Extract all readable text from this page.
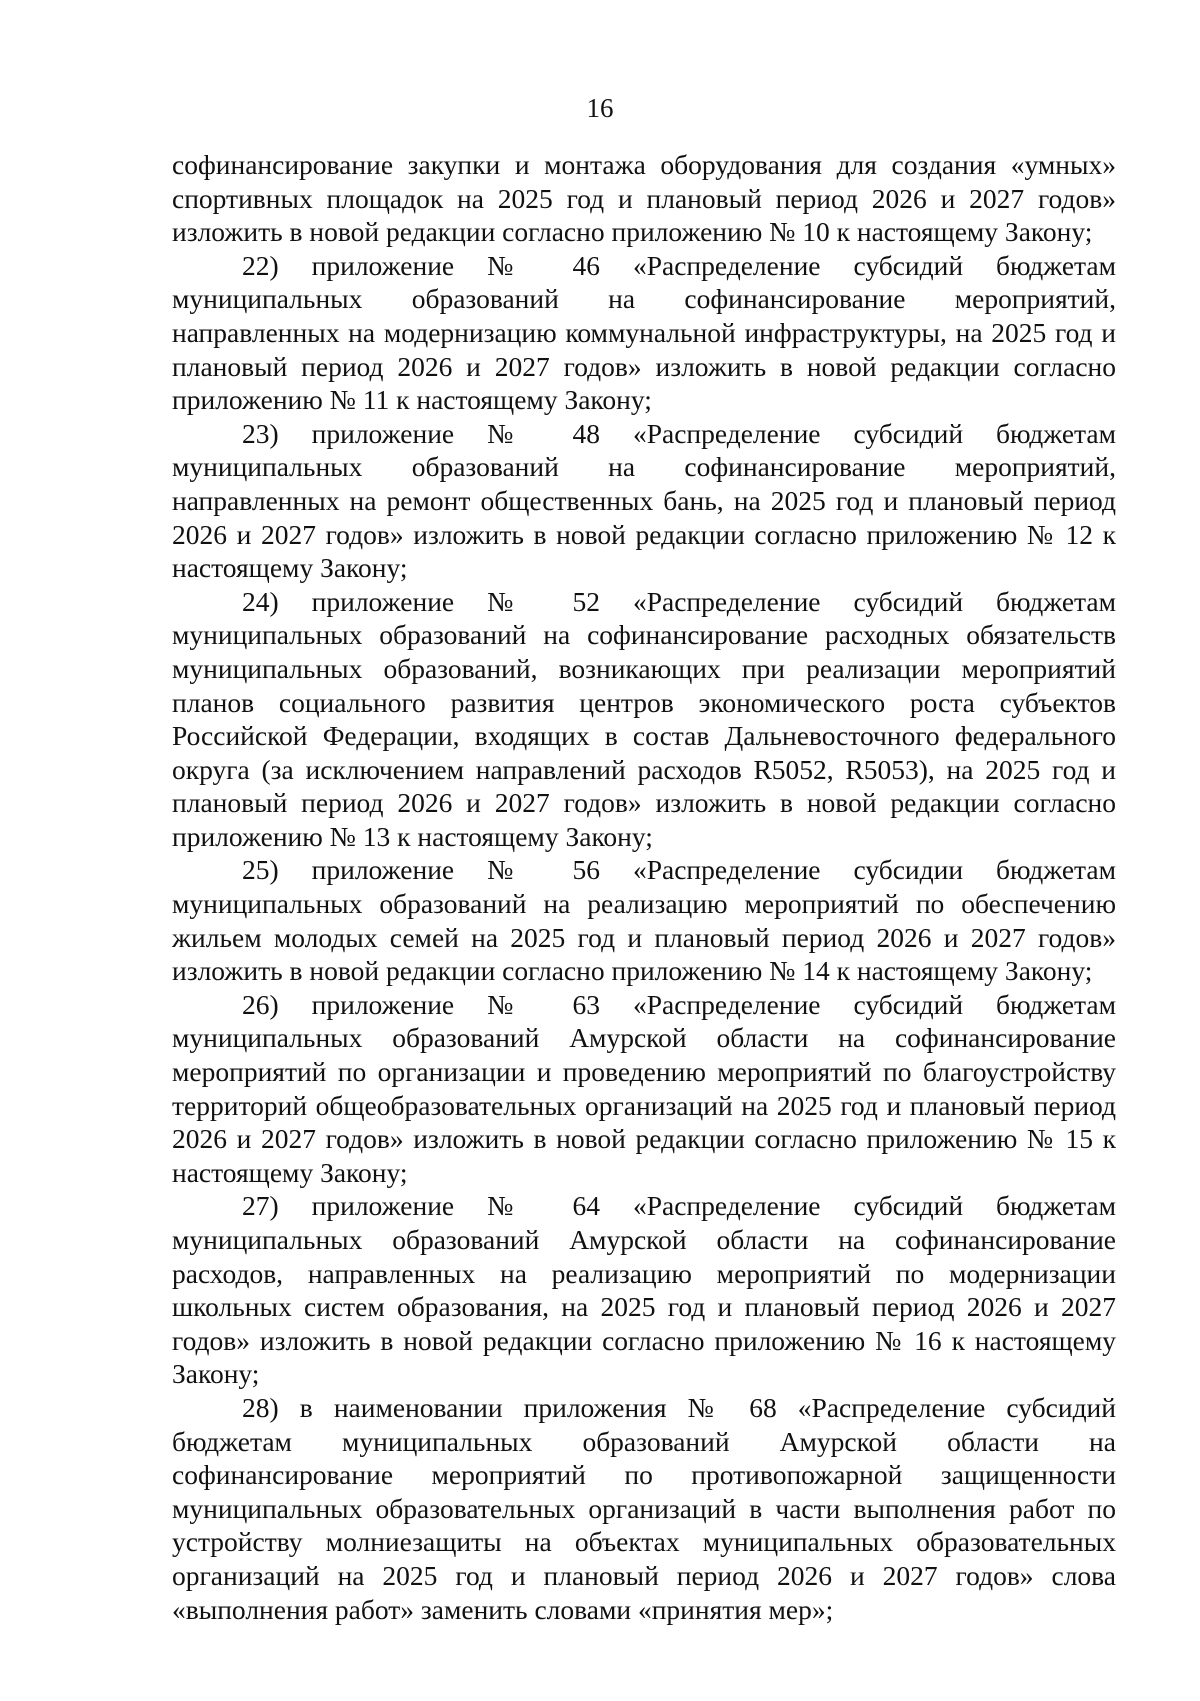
16

софинансирование закупки и монтажа оборудования для создания «умных» спортивных площадок на 2025 год и плановый период 2026 и 2027 годов» изложить в новой редакции согласно приложению № 10 к настоящему Закону;

22) приложение № 46 «Распределение субсидий бюджетам муниципальных образований на софинансирование мероприятий, направленных на модернизацию коммунальной инфраструктуры, на 2025 год и плановый период 2026 и 2027 годов» изложить в новой редакции согласно приложению № 11 к настоящему Закону;

23) приложение № 48 «Распределение субсидий бюджетам муниципальных образований на софинансирование мероприятий, направленных на ремонт общественных бань, на 2025 год и плановый период 2026 и 2027 годов» изложить в новой редакции согласно приложению № 12 к настоящему Закону;

24) приложение № 52 «Распределение субсидий бюджетам муниципальных образований на софинансирование расходных обязательств муниципальных образований, возникающих при реализации мероприятий планов социального развития центров экономического роста субъектов Российской Федерации, входящих в состав Дальневосточного федерального округа (за исключением направлений расходов R5052, R5053), на 2025 год и плановый период 2026 и 2027 годов» изложить в новой редакции согласно приложению № 13 к настоящему Закону;

25) приложение № 56 «Распределение субсидии бюджетам муниципальных образований на реализацию мероприятий по обеспечению жильем молодых семей на 2025 год и плановый период 2026 и 2027 годов» изложить в новой редакции согласно приложению № 14 к настоящему Закону;

26) приложение № 63 «Распределение субсидий бюджетам муниципальных образований Амурской области на софинансирование мероприятий по организации и проведению мероприятий по благоустройству территорий общеобразовательных организаций на 2025 год и плановый период 2026 и 2027 годов» изложить в новой редакции согласно приложению № 15 к настоящему Закону;

27) приложение № 64 «Распределение субсидий бюджетам муниципальных образований Амурской области на софинансирование расходов, направленных на реализацию мероприятий по модернизации школьных систем образования, на 2025 год и плановый период 2026 и 2027 годов» изложить в новой редакции согласно приложению № 16 к настоящему Закону;

28) в наименовании приложения № 68 «Распределение субсидий бюджетам муниципальных образований Амурской области на софинансирование мероприятий по противопожарной защищенности муниципальных образовательных организаций в части выполнения работ по устройству молниезащиты на объектах муниципальных образовательных организаций на 2025 год и плановый период 2026 и 2027 годов» слова «выполнения работ» заменить словами «принятия мер»;
